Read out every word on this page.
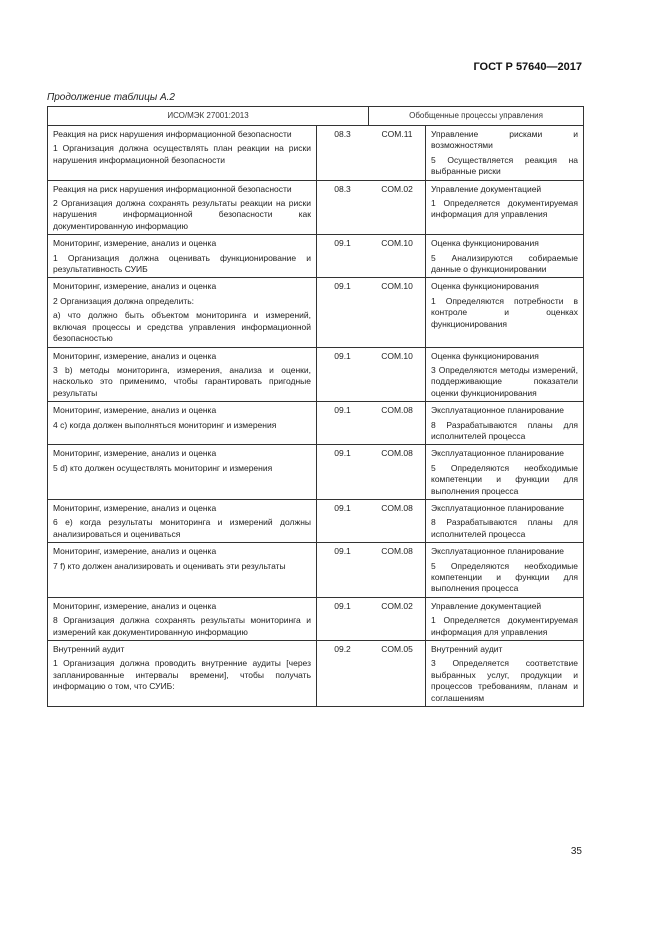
ГОСТ Р 57640—2017
Продолжение таблицы А.2
ИСО/МЭК 27001:2013		Обобщенные процессы управления	

Реакция на риск нарушения информационной безопасности
1 Организация должна осуществлять план реакции на риски нарушения информационной безопасности	08.3	COM.11	Управление рисками и возможностями
5 Осуществляется реакция на выбранные риски

Реакция на риск нарушения информационной безопасности
2 Организация должна сохранять результаты реакции на риски нарушения информационной безопасности как документированную информацию	08.3	COM.02	Управление документацией
1 Определяется документируемая информация для управления

Мониторинг, измерение, анализ и оценка
1 Организация должна оценивать функционирование и результативность СУИБ	09.1	COM.10	Оценка функционирования
5 Анализируются собираемые данные о функционировании

Мониторинг, измерение, анализ и оценка
2 Организация должна определить:
а) что должно быть объектом мониторинга и измерений, включая процессы и средства управления информационной безопасностью	09.1	COM.10	Оценка функционирования
1 Определяются потребности в контроле и оценках функционирования

Мониторинг, измерение, анализ и оценка
3 b) методы мониторинга, измерения, анализа и оценки, насколько это применимо, чтобы гарантировать пригодные результаты	09.1	COM.10	Оценка функционирования
3 Определяются методы измерений, поддерживающие показатели оценки функционирования

Мониторинг, измерение, анализ и оценка
4 с) когда должен выполняться мониторинг и измерения	09.1	COM.08	Эксплуатационное планирование
8 Разрабатываются планы для исполнителей процесса

Мониторинг, измерение, анализ и оценка
5 d) кто должен осуществлять мониторинг и измерения	09.1	COM.08	Эксплуатационное планирование
5 Определяются необходимые компетенции и функции для выполнения процесса

Мониторинг, измерение, анализ и оценка
6 е) когда результаты мониторинга и измерений должны анализироваться и оцениваться	09.1	COM.08	Эксплуатационное планирование
8 Разрабатываются планы для исполнителей процесса

Мониторинг, измерение, анализ и оценка
7 f) кто должен анализировать и оценивать эти результаты	09.1	COM.08	Эксплуатационное планирование
5 Определяются необходимые компетенции и функции для выполнения процесса

Мониторинг, измерение, анализ и оценка
8 Организация должна сохранять результаты мониторинга и измерений как документированную информацию	09.1	COM.02	Управление документацией
1 Определяется документируемая информация для управления

Внутренний аудит
1 Организация должна проводить внутренние аудиты [через запланированные интервалы времени], чтобы получать информацию о том, что СУИБ:	09.2	COM.05	Внутренний аудит
3 Определяется соответствие выбранных услуг, продукции и процессов требованиям, планам и соглашениям
35
